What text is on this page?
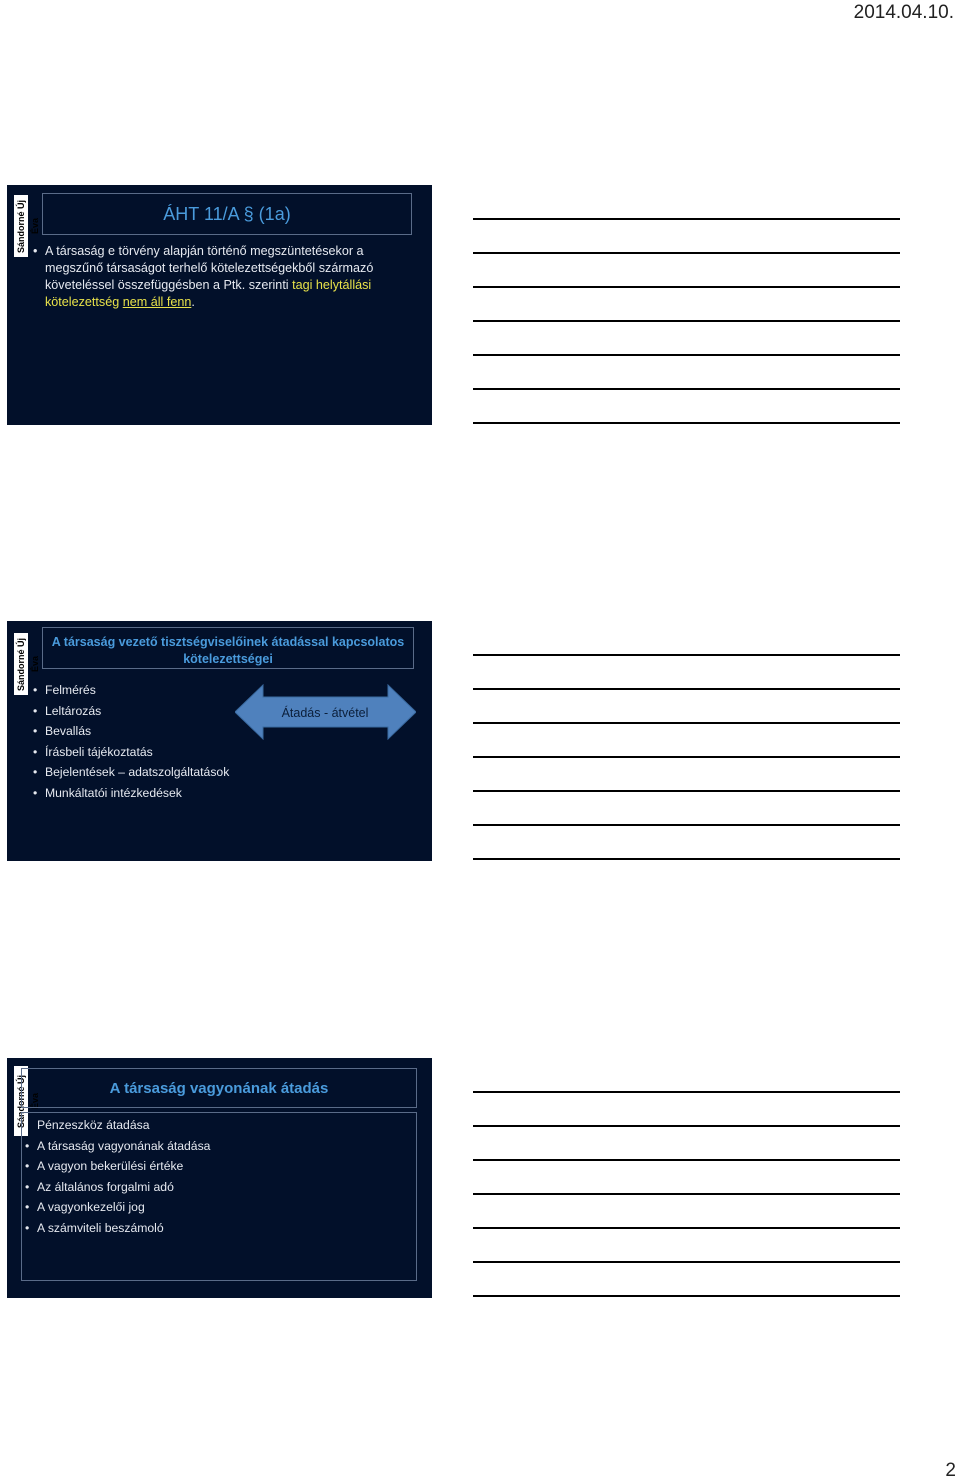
2014.04.10.
Sándorné Új Éva
ÁHT 11/A § (1a)
• A társaság e törvény alapján történő megszüntetésekor a megszűnő társaságot terhelő kötelezettségekből származó követeléssel összefüggésben a Ptk. szerinti tagi helytállási kötelezettség nem áll fenn.
Sándorné Új Éva
A társaság vezető tisztségviselőinek átadással kapcsolatos kötelezettségei
• Felmérés
• Leltározás
• Bevallás
• Írásbeli tájékoztatás
• Bejelentések – adatszolgáltatások
• Munkáltatói intézkedések
Átadás - átvétel
Sándorné Új Éva
A társaság vagyonának átadás
Pénzeszköz átadása
• A társaság vagyonának átadása
• A vagyon bekerülési értéke
• Az általános forgalmi adó
• A vagyonkezelői jog
• A számviteli beszámoló
2
